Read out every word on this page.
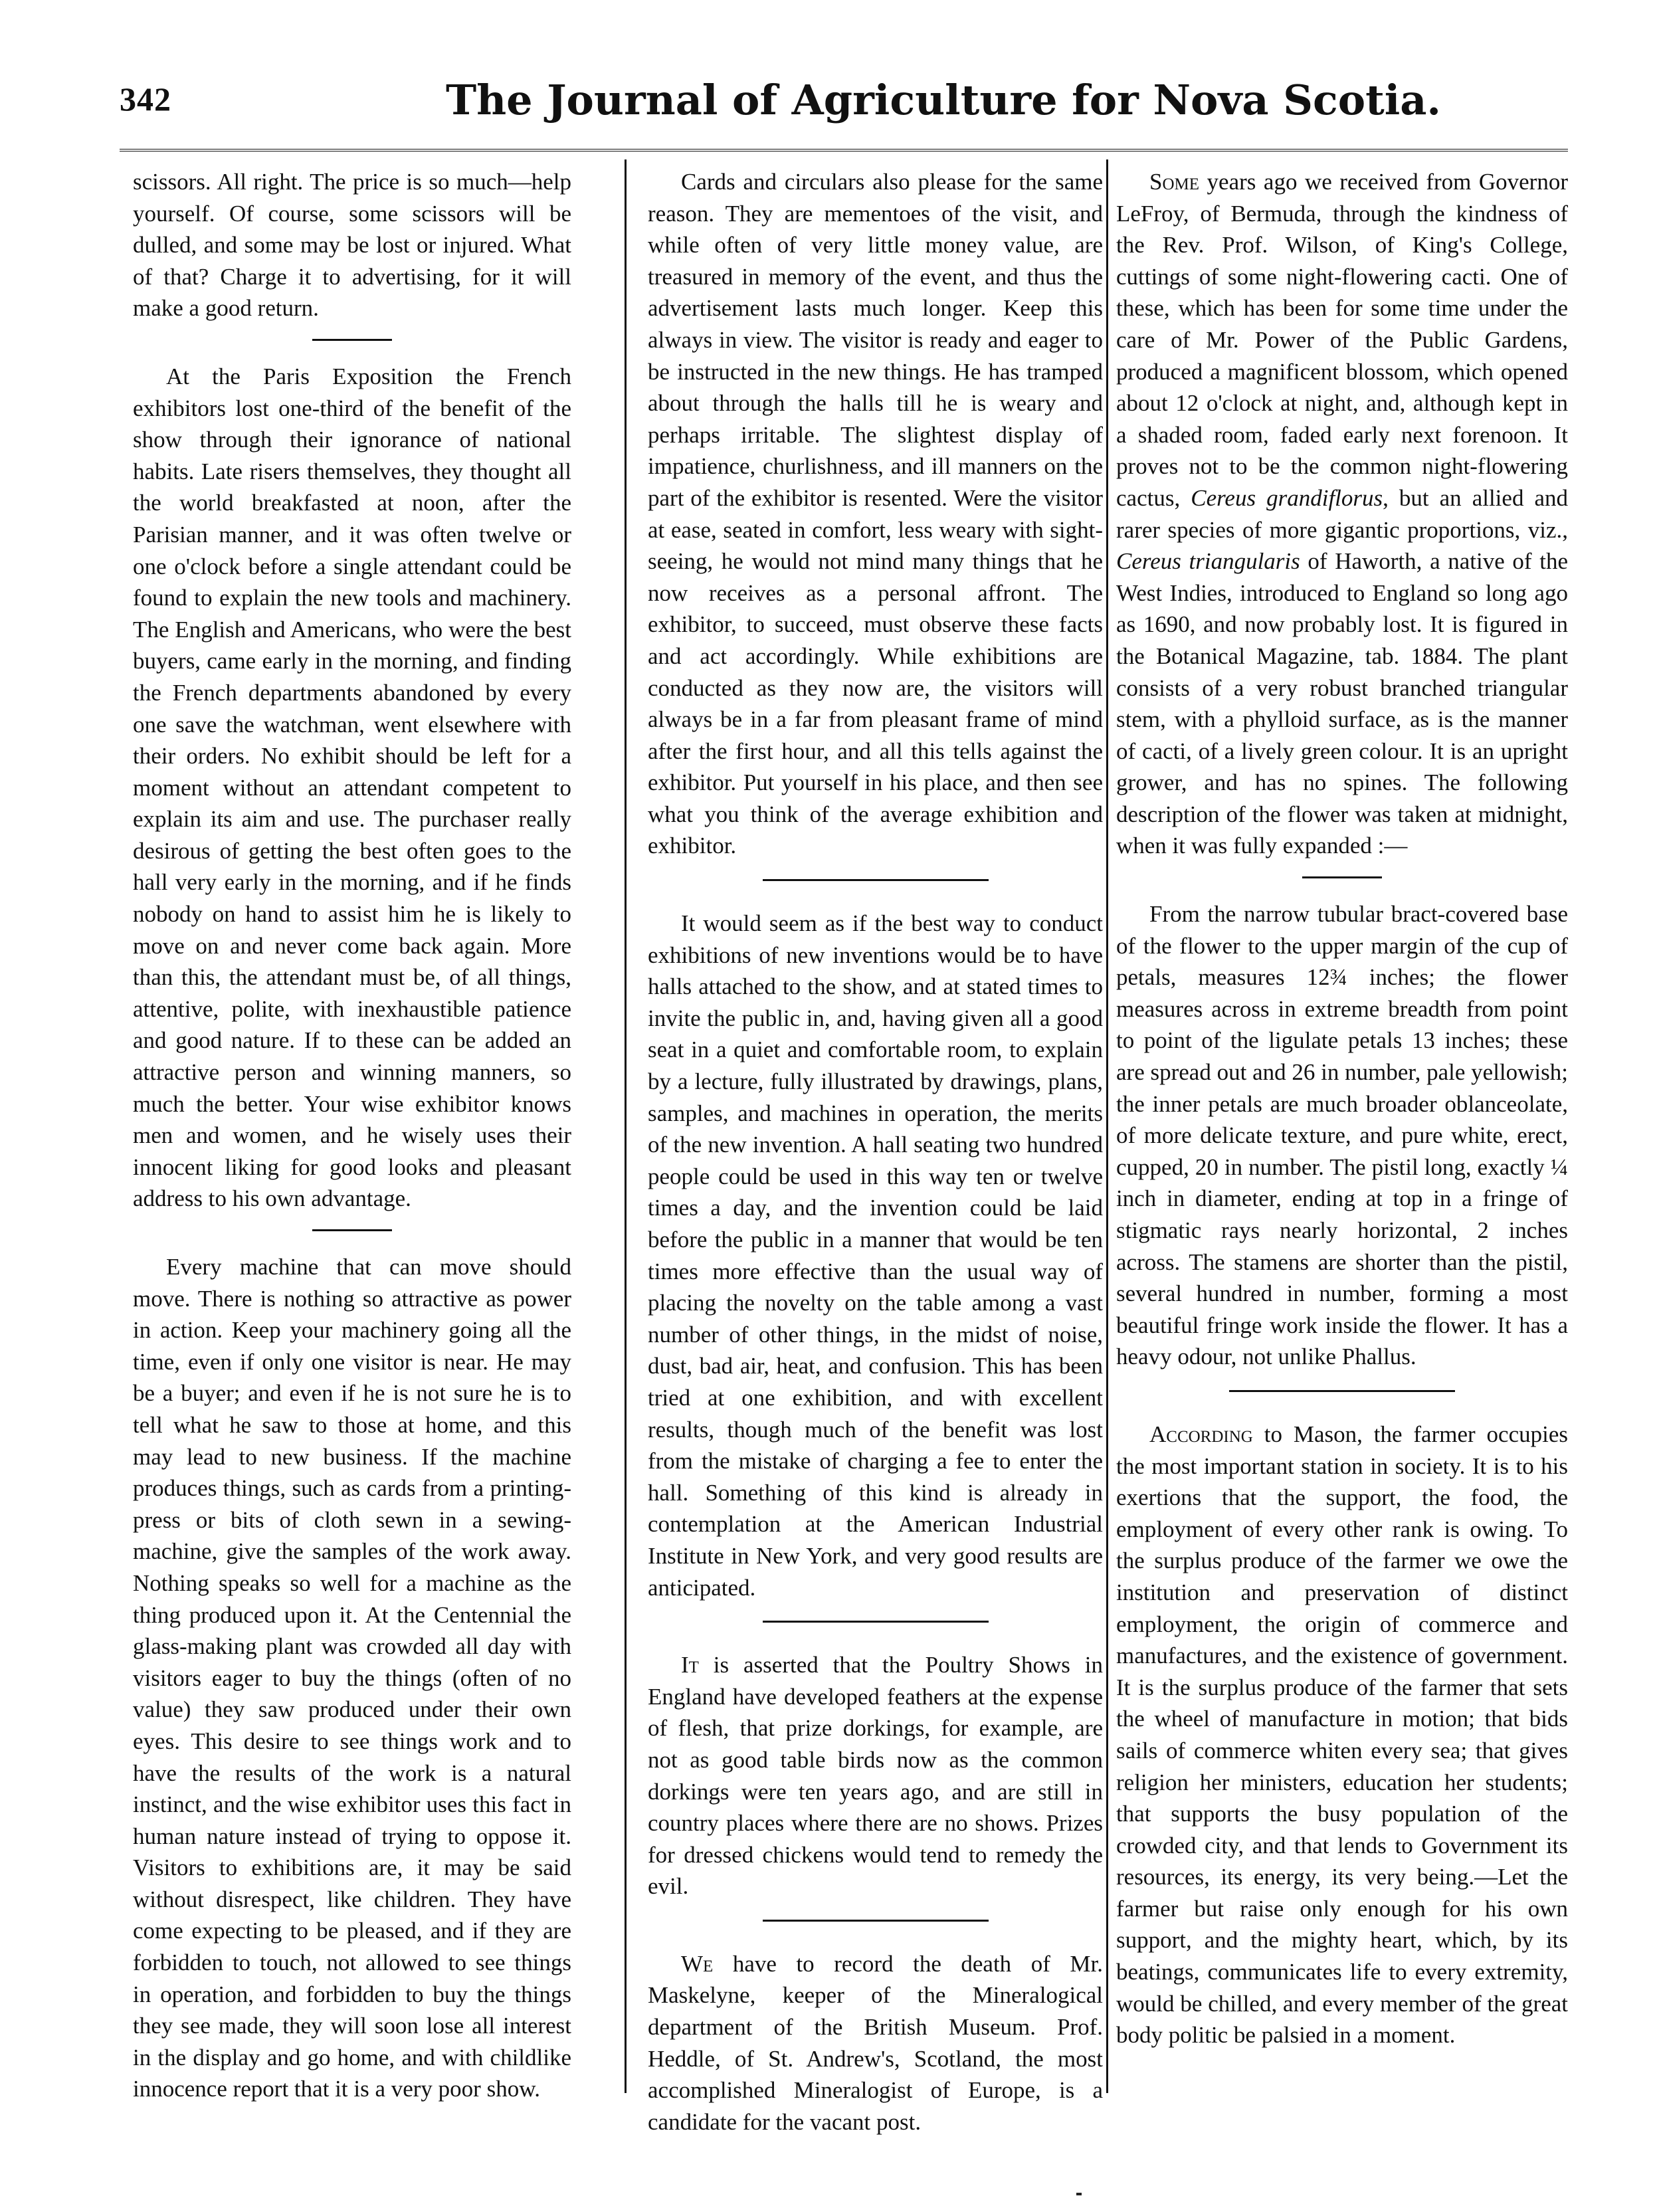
342	The Journal of Agriculture for Nova Scotia.

scissors. All right. The price is so much—help yourself. Of course, some scissors will be dulled, and some may be lost or injured. What of that? Charge it to advertising, for it will make a good return.

At the Paris Exposition the French exhibitors lost one-third of the benefit of the show through their ignorance of national habits. Late risers themselves, they thought all the world breakfasted at noon, after the Parisian manner, and it was often twelve or one o'clock before a single attendant could be found to explain the new tools and machinery. The English and Americans, who were the best buyers, came early in the morning, and finding the French departments abandoned by every one save the watchman, went elsewhere with their orders. No exhibit should be left for a moment without an attendant competent to explain its aim and use. The purchaser really desirous of getting the best often goes to the hall very early in the morning, and if he finds nobody on hand to assist him he is likely to move on and never come back again. More than this, the attendant must be, of all things, attentive, polite, with inexhaustible patience and good nature. If to these can be added an attractive person and winning manners, so much the better. Your wise exhibitor knows men and women, and he wisely uses their innocent liking for good looks and pleasant address to his own advantage.

Every machine that can move should move. There is nothing so attractive as power in action. Keep your machinery going all the time, even if only one visitor is near. He may be a buyer; and even if he is not sure he is to tell what he saw to those at home, and this may lead to new business. If the machine produces things, such as cards from a printing-press or bits of cloth sewn in a sewing-machine, give the samples of the work away. Nothing speaks so well for a machine as the thing produced upon it. At the Centennial the glass-making plant was crowded all day with visitors eager to buy the things (often of no value) they saw produced under their own eyes. This desire to see things work and to have the results of the work is a natural instinct, and the wise exhibitor uses this fact in human nature instead of trying to oppose it. Visitors to exhibitions are, it may be said without disrespect, like children. They have come expecting to be pleased, and if they are forbidden to touch, not allowed to see things in operation, and forbidden to buy the things they see made, they will soon lose all interest in the display and go home, and with childlike innocence report that it is a very poor show.

Cards and circulars also please for the same reason. They are mementoes of the visit, and while often of very little money value, are treasured in memory of the event, and thus the advertisement lasts much longer. Keep this always in view. The visitor is ready and eager to be instructed in the new things. He has tramped about through the halls till he is weary and perhaps irritable. The slightest display of impatience, churlishness, and ill manners on the part of the exhibitor is resented. Were the visitor at ease, seated in comfort, less weary with sight-seeing, he would not mind many things that he now receives as a personal affront. The exhibitor, to succeed, must observe these facts and act accordingly. While exhibitions are conducted as they now are, the visitors will always be in a far from pleasant frame of mind after the first hour, and all this tells against the exhibitor. Put yourself in his place, and then see what you think of the average exhibition and exhibitor.

It would seem as if the best way to conduct exhibitions of new inventions would be to have halls attached to the show, and at stated times to invite the public in, and, having given all a good seat in a quiet and comfortable room, to explain by a lecture, fully illustrated by drawings, plans, samples, and machines in operation, the merits of the new invention. A hall seating two hundred people could be used in this way ten or twelve times a day, and the invention could be laid before the public in a manner that would be ten times more effective than the usual way of placing the novelty on the table among a vast number of other things, in the midst of noise, dust, bad air, heat, and confusion. This has been tried at one exhibition, and with excellent results, though much of the benefit was lost from the mistake of charging a fee to enter the hall. Something of this kind is already in contemplation at the American Industrial Institute in New York, and very good results are anticipated.

It is asserted that the Poultry Shows in England have developed feathers at the expense of flesh, that prize dorkings, for example, are not as good table birds now as the common dorkings were ten years ago, and are still in country places where there are no shows. Prizes for dressed chickens would tend to remedy the evil.

We have to record the death of Mr. Maskelyne, keeper of the Mineralogical department of the British Museum. Prof. Heddle, of St. Andrew's, Scotland, the most accomplished Mineralogist of Europe, is a candidate for the vacant post.

Some years ago we received from Governor LeFroy, of Bermuda, through the kindness of the Rev. Prof. Wilson, of King's College, cuttings of some night-flowering cacti. One of these, which has been for some time under the care of Mr. Power of the Public Gardens, produced a magnificent blossom, which opened about 12 o'clock at night, and, although kept in a shaded room, faded early next forenoon. It proves not to be the common night-flowering cactus, Cereus grandiflorus, but an allied and rarer species of more gigantic proportions, viz., Cereus triangularis of Haworth, a native of the West Indies, introduced to England so long ago as 1690, and now probably lost. It is figured in the Botanical Magazine, tab. 1884. The plant consists of a very robust branched triangular stem, with a phylloid surface, as is the manner of cacti, of a lively green colour. It is an upright grower, and has no spines. The following description of the flower was taken at midnight, when it was fully expanded :—

From the narrow tubular bract-covered base of the flower to the upper margin of the cup of petals, measures 12¾ inches; the flower measures across in extreme breadth from point to point of the ligulate petals 13 inches; these are spread out and 26 in number, pale yellowish; the inner petals are much broader oblanceolate, of more delicate texture, and pure white, erect, cupped, 20 in number. The pistil long, exactly ¼ inch in diameter, ending at top in a fringe of stigmatic rays nearly horizontal, 2 inches across. The stamens are shorter than the pistil, several hundred in number, forming a most beautiful fringe work inside the flower. It has a heavy odour, not unlike Phallus.

According to Mason, the farmer occupies the most important station in society. It is to his exertions that the support, the food, the employment of every other rank is owing. To the surplus produce of the farmer we owe the institution and preservation of distinct employment, the origin of commerce and manufactures, and the existence of government. It is the surplus produce of the farmer that sets the wheel of manufacture in motion; that bids sails of commerce whiten every sea; that gives religion her ministers, education her students; that supports the busy population of the crowded city, and that lends to Government its resources, its energy, its very being.—Let the farmer but raise only enough for his own support, and the mighty heart, which, by its beatings, communicates life to every extremity, would be chilled, and every member of the great body politic be palsied in a moment.
